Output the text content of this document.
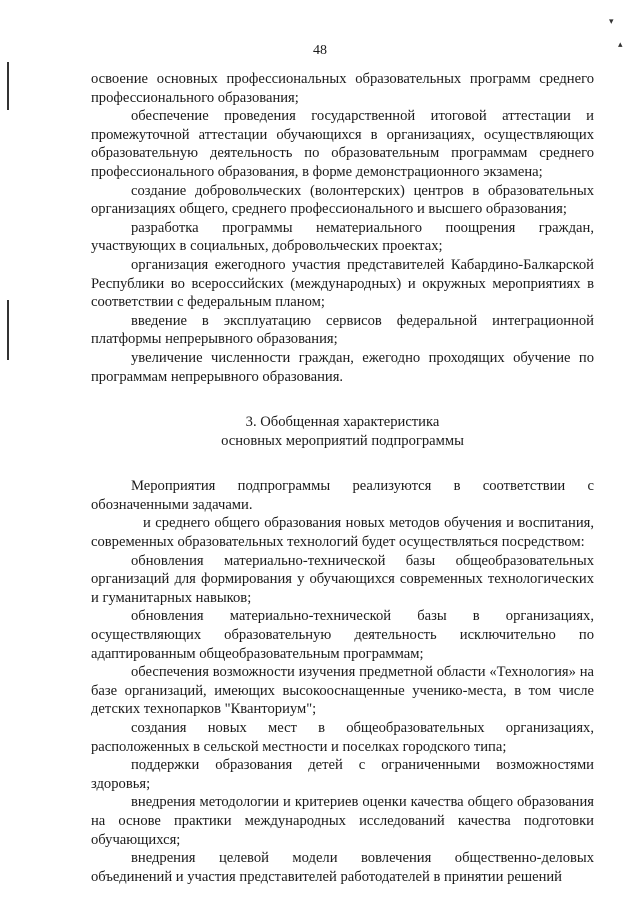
48
▾
▴

освоение основных профессиональных образовательных программ среднего профессионального образования;

обеспечение проведения государственной итоговой аттестации и промежуточной аттестации обучающихся в организациях, осуществляющих образовательную деятельность по образовательным программам среднего профессионального образования, в форме демонстрационного экзамена;

создание добровольческих (волонтерских) центров в образовательных организациях общего, среднего профессионального и высшего образования;

разработка программы нематериального поощрения граждан, участвующих в социальных, добровольческих проектах;

организация ежегодного участия представителей Кабардино-Балкарской Республики во всероссийских (международных) и окружных мероприятиях в соответствии с федеральным планом;

введение в эксплуатацию сервисов федеральной интеграционной платформы непрерывного образования;

увеличение численности граждан, ежегодно проходящих обучение по программам непрерывного образования.

3. Обобщенная характеристика
основных мероприятий подпрограммы

Мероприятия подпрограммы реализуются в соответствии с обозначенными задачами.

и среднего общего образования новых методов обучения и воспитания, современных образовательных технологий будет осуществляться посредством:

обновления материально-технической базы общеобразовательных организаций для формирования у обучающихся современных технологических и гуманитарных навыков;

обновления материально-технической базы в организациях, осуществляющих образовательную деятельность исключительно по адаптированным общеобразовательным программам;

обеспечения возможности изучения предметной области «Технология» на базе организаций, имеющих высокооснащенные ученико-места, в том числе детских технопарков "Кванториум";

создания новых мест в общеобразовательных организациях, расположенных в сельской местности и поселках городского типа;

поддержки образования детей с ограниченными возможностями здоровья;

внедрения методологии и критериев оценки качества общего образования на основе практики международных исследований качества подготовки обучающихся;

внедрения целевой модели вовлечения общественно-деловых объединений и участия представителей работодателей в принятии решений
